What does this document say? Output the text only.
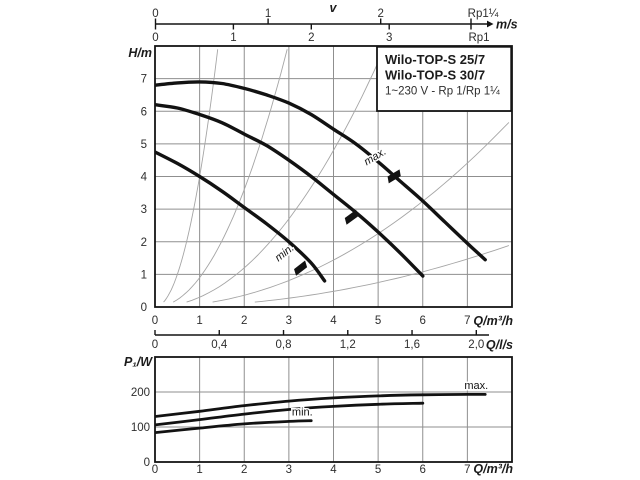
0	1	2
0	1	2	3
v
m/s
Rp1¼
Rp1
Wilo-TOP-S 25/7
Wilo-TOP-S 30/7
1~230 V - Rp 1/Rp 1¼
max.
min.
0	1	2	3	4	5	6	7
0
1
2
3
4
5
6
7
H/m
Q/m³/h
0	0,4	0,8	1,2	1,6	2,0 Q/l/s
max.
min.
0	1	2	3	4	5	6	7
0
100
200
P₁/W
Q/m³/h
